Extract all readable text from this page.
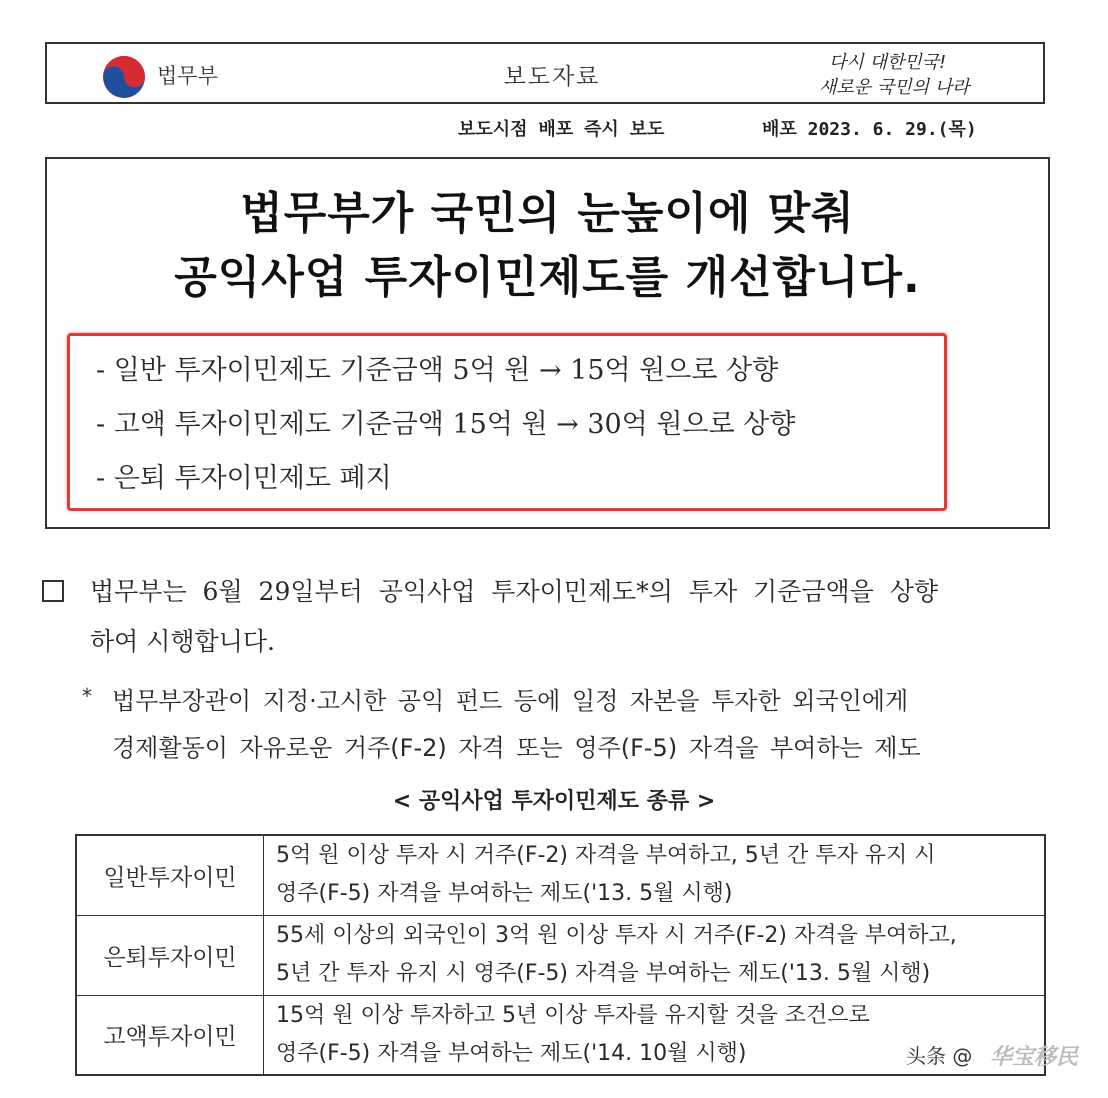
법무부	보도자료
다시 대한민국!
새로운 국민의 나라
보도시점 배포 즉시 보도	배포 2023. 6. 29.(목)
법무부가 국민의 눈높이에 맞춰
공익사업 투자이민제도를 개선합니다.
- 일반 투자이민제도 기준금액 5억 원 → 15억 원으로 상향
- 고액 투자이민제도 기준금액 15억 원 → 30억 원으로 상향
- 은퇴 투자이민제도 폐지
법무부는 6월 29일부터 공익사업 투자이민제도*의 투자 기준금액을 상향
하여 시행합니다.
* 법무부장관이 지정·고시한 공익 펀드 등에 일정 자본을 투자한 외국인에게
경제활동이 자유로운 거주(F-2) 자격 또는 영주(F-5) 자격을 부여하는 제도
< 공익사업 투자이민제도 종류 >
일반투자이민	5억 원 이상 투자 시 거주(F-2) 자격을 부여하고, 5년 간 투자 유지 시
영주(F-5) 자격을 부여하는 제도('13. 5월 시행)

은퇴투자이민	55세 이상의 외국인이 3억 원 이상 투자 시 거주(F-2) 자격을 부여하고,
5년 간 투자 유지 시 영주(F-5) 자격을 부여하는 제도('13. 5월 시행)

고액투자이민	15억 원 이상 투자하고 5년 이상 투자를 유지할 것을 조건으로
영주(F-5) 자격을 부여하는 제도('14. 10월 시행)	头条 @ 华宝移民
